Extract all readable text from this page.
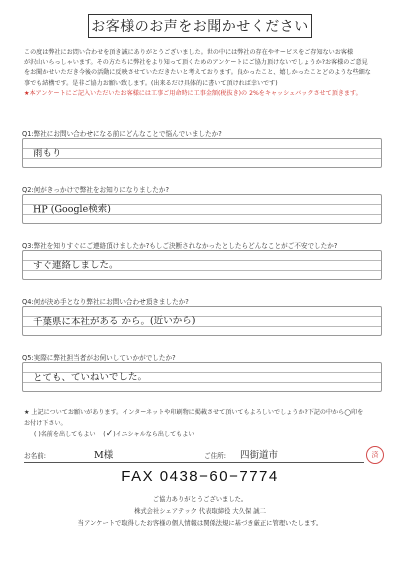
お客様のお声をお聞かせください
この度は弊社にお問い合わせを頂き誠にありがとうございました。世の中には弊社の存在やサービスをご存知ないお客様
が沢山いらっしゃいます。その方たちに弊社をより知って頂くためのアンケートにご協力頂けないでしょうか?お客様のご意見
をお聞かせいただき今後の活動に反映させていただきたいと考えております。良かったこと、嬉しかったことどのような些細な
事でも結構です。是非ご協力お願い致します。(出来るだけ具体的に書いて頂ければ幸いです)
★本アンケートにご記入いただいたお客様には工事ご用命時に工事金額(税抜き)の 2%をキャッシュバックさせて頂きます。
Q1:弊社にお問い合わせになる前にどんなことで悩んでいましたか?
雨もり
Q2:何がきっかけで弊社をお知りになりましたか?
HP (Google検索)
Q3:弊社を知りすぐにご連絡頂けましたか?もしご決断されなかったとしたらどんなことがご不安でしたか?
すぐ連絡しました。
Q4:何が決め手となり弊社にお問い合わせ頂きましたか?
千葉県に本社がある から。(近いから)
Q5:実際に弊社担当者がお伺いしていかがでしたか?
とても、ていねいでした。
★ 上記についてお願いがあります。インターネットや印刷物に掲載させて頂いてもよろしいでしょうか?下記の中から◯印を
お付け下さい。
( )名前を出してもよい (✓)イニシャルなら出してもよい
お名前:	M様	ご住所: 四街道市	済
FAX 0438−60−7774
ご協力ありがとうございました。
株式会社シェアテック 代表取締役 大久保 誠二
当アンケートで取得したお客様の個人情報は関係法規に基づき厳正に管理いたします。
